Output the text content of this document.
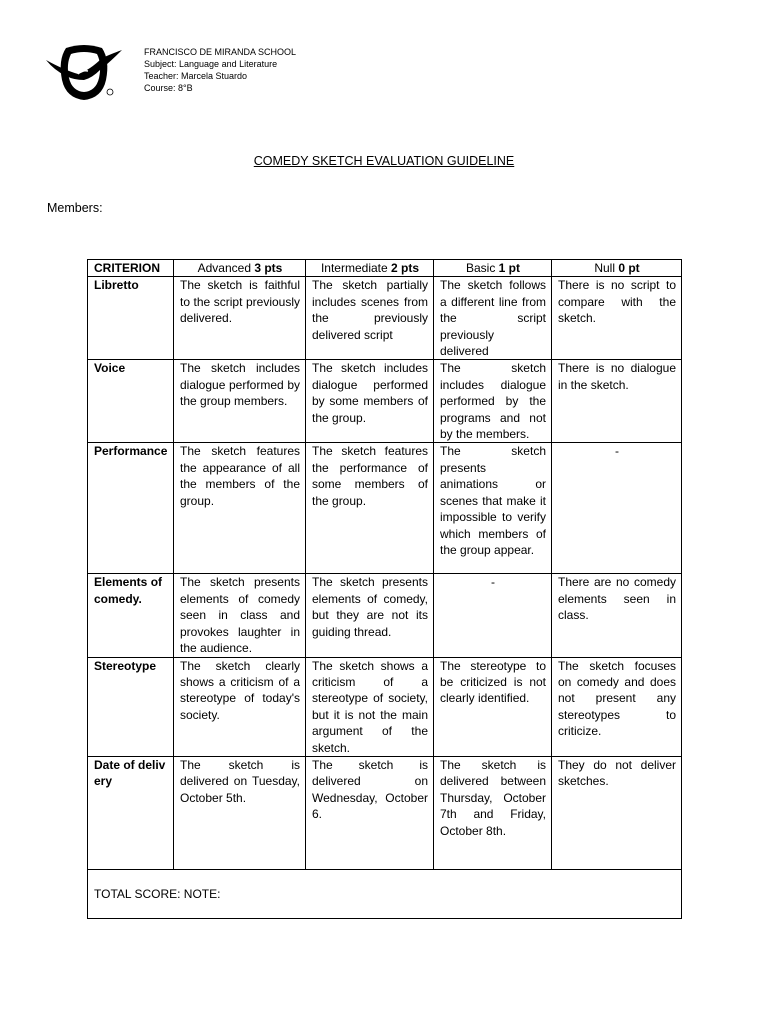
FRANCISCO DE MIRANDA SCHOOL
Subject: Language and Literature
Teacher: Marcela Stuardo
Course: 8°B
COMEDY SKETCH EVALUATION GUIDELINE
Members:
CRITERION	Advanced 3 pts	Intermediate 2 pts	Basic 1 pt	Null 0 pt
Libretto	The sketch is faithful to the script previously delivered.	The sketch partially includes scenes from the previously delivered script	The sketch follows a different line from the script previously delivered	There is no script to compare with the sketch.
Voice	The sketch includes dialogue performed by the group members.	The sketch includes dialogue performed by some members of the group.	The sketch includes dialogue performed by the programs and not by the members.	There is no dialogue in the sketch.
Performance	The sketch features the appearance of all the members of the group.	The sketch features the performance of some members of the group.	The sketch presents animations or scenes that make it impossible to verify which members of the group appear.	-
Elements of comedy.	The sketch presents elements of comedy seen in class and provokes laughter in the audience.	The sketch presents elements of comedy, but they are not its guiding thread.	-	There are no comedy elements seen in class.
Stereotype	The sketch clearly shows a criticism of a stereotype of today's society.	The sketch shows a criticism of a stereotype of society, but it is not the main argument of the sketch.	The stereotype to be criticized is not clearly identified.	The sketch focuses on comedy and does not present any stereotypes to criticize.
Date of delivery	The sketch is delivered on Tuesday, October 5th.	The sketch is delivered on Wednesday, October 6.	The sketch is delivered between Thursday, October 7th and Friday, October 8th.	They do not deliver sketches.
TOTAL SCORE: NOTE:				
